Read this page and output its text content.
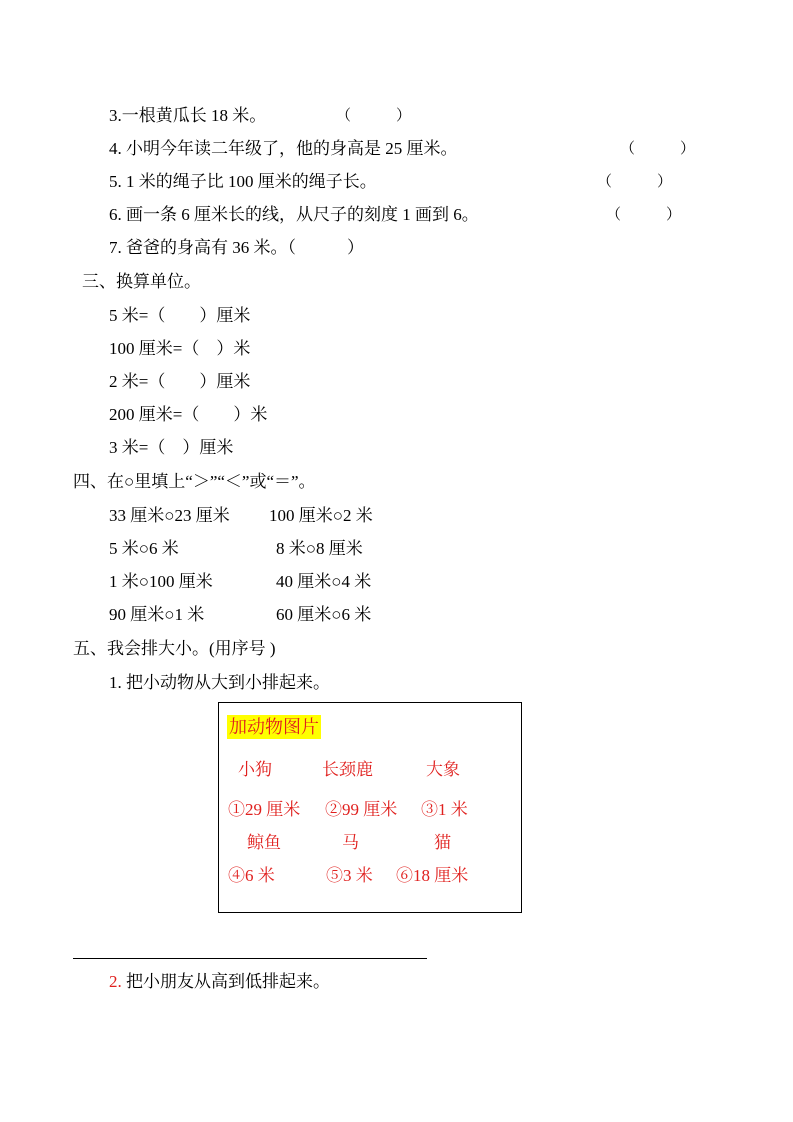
3.一根黄瓜长 18 米。	（　　　）
4. 小明今年读二年级了，他的身高是 25 厘米。	（　　　）
5. 1 米的绳子比 100 厘米的绳子长。	（　　　）
6. 画一条 6 厘米长的线，从尺子的刻度 1 画到 6。	（　　　）
7. 爸爸的身高有 36 米。（　　　）
三、换算单位。
5 米=（　　）厘米
100 厘米=（　）米
2 米=（　　）厘米
200 厘米=（　　）米
3 米=（　）厘米
四、在○里填上“＞”“＜”或“＝”。
33 厘米○23 厘米 100 厘米○2 米
5 米○6 米	8 米○8 厘米
1 米○100 厘米	40 厘米○4 米
90 厘米○1 米	60 厘米○6 米
五、我会排大小。(用序号 )
1. 把小动物从大到小排起来。
加动物图片
小狗	长颈鹿	大象
①29 厘米 ②99 厘米 ③1 米
鲸鱼	马	猫
④6 米	⑤3 米 ⑥18 厘米
2. 把小朋友从高到低排起来。
